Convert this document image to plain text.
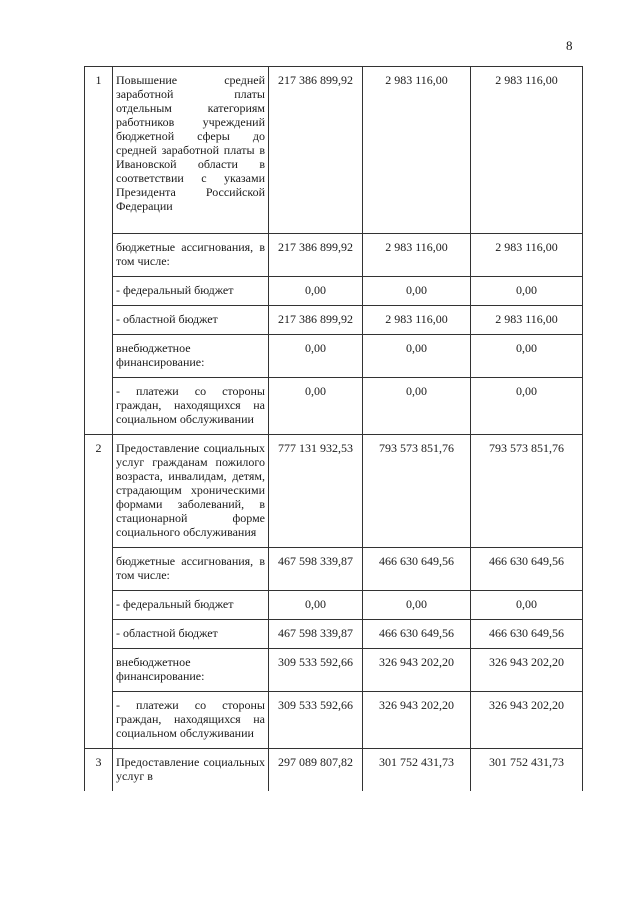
8
1	Повышение средней заработной платы отдельным категориям работников учреждений бюджетной сферы до средней заработной платы в Ивановской области в соответствии с указами Президента Российской Федерации	217 386 899,92	2 983 116,00	2 983 116,00
	бюджетные ассигнования, в том числе:	217 386 899,92	2 983 116,00	2 983 116,00
	- федеральный бюджет	0,00	0,00	0,00
	- областной бюджет	217 386 899,92	2 983 116,00	2 983 116,00
	внебюджетное финансирование:	0,00	0,00	0,00
	- платежи со стороны граждан, находящихся на социальном обслуживании	0,00	0,00	0,00
2	Предоставление социальных услуг гражданам пожилого возраста, инвалидам, детям, страдающим хроническими формами заболеваний, в стационарной форме социального обслуживания	777 131 932,53	793 573 851,76	793 573 851,76
	бюджетные ассигнования, в том числе:	467 598 339,87	466 630 649,56	466 630 649,56
	- федеральный бюджет	0,00	0,00	0,00
	- областной бюджет	467 598 339,87	466 630 649,56	466 630 649,56
	внебюджетное финансирование:	309 533 592,66	326 943 202,20	326 943 202,20
	- платежи со стороны граждан, находящихся на социальном обслуживании	309 533 592,66	326 943 202,20	326 943 202,20
3	Предоставление социальных услуг в	297 089 807,82	301 752 431,73	301 752 431,73
